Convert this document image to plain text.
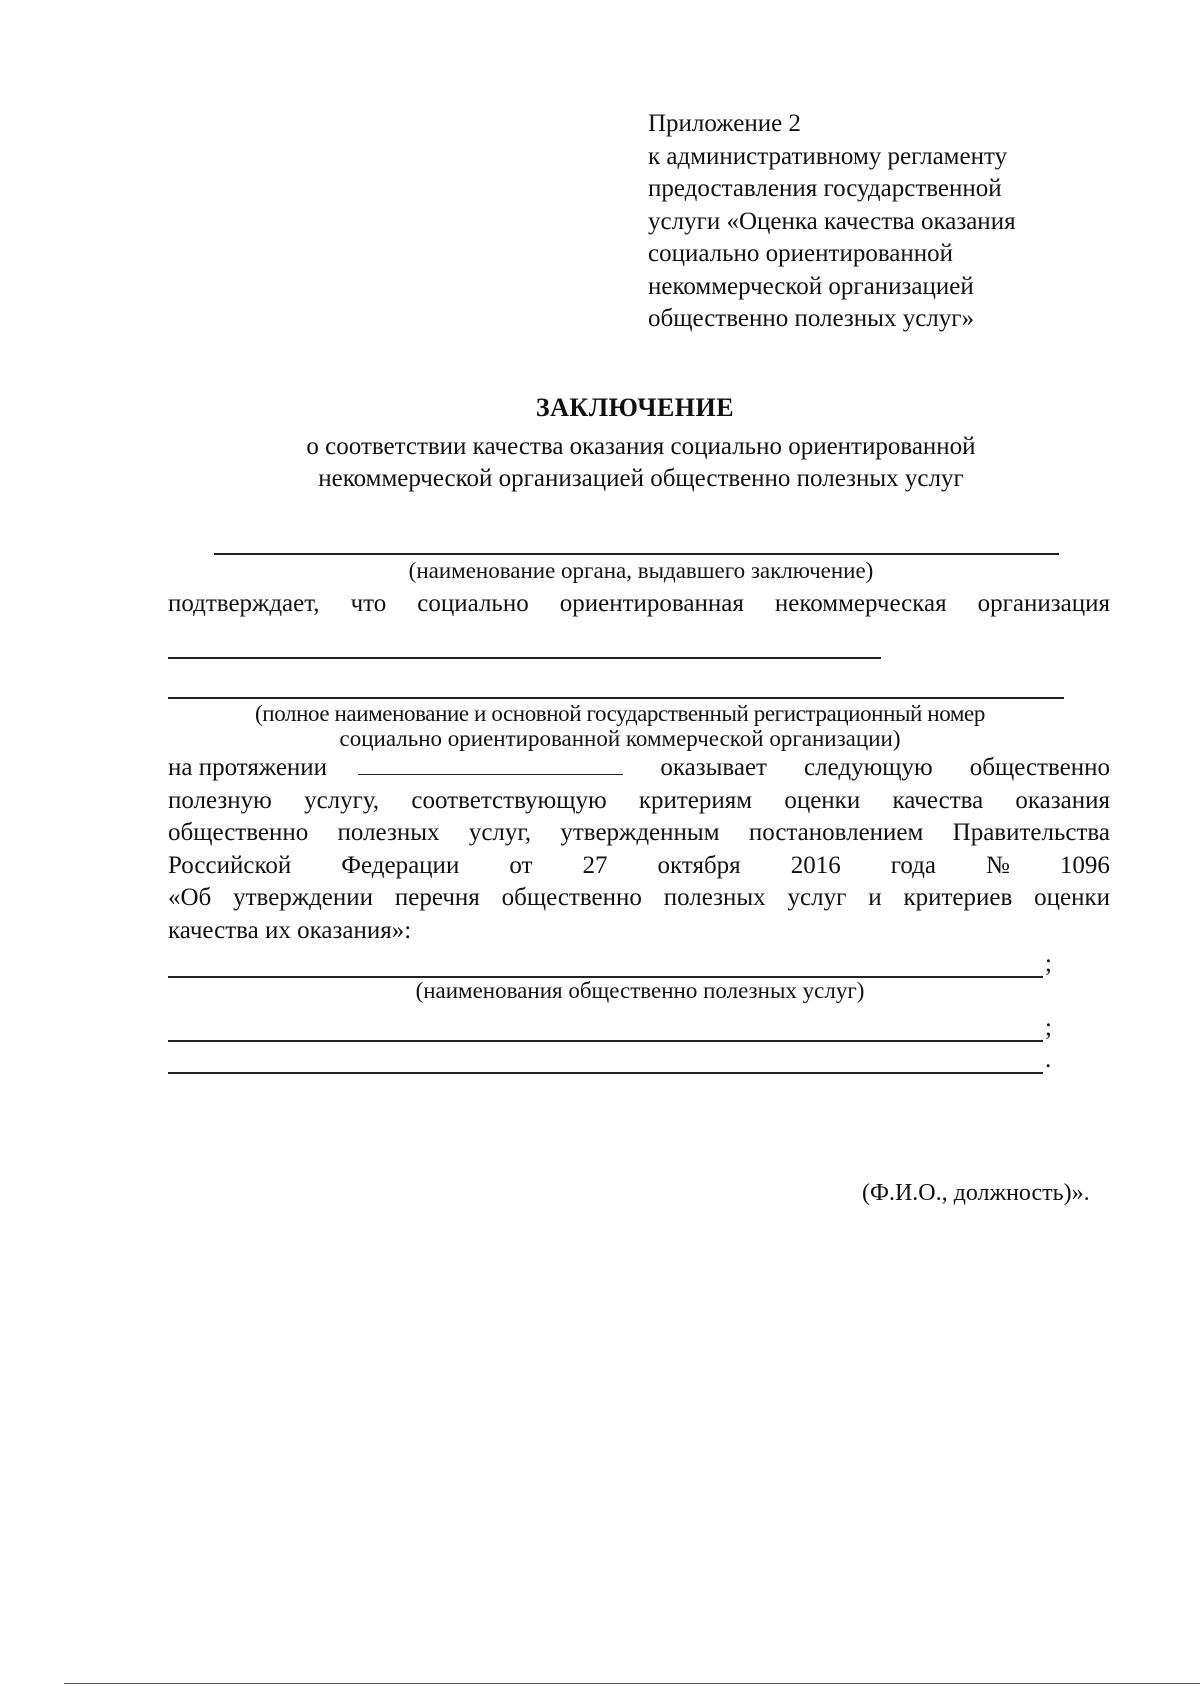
Приложение 2
к административному регламенту
предоставления государственной
услуги «Оценка качества оказания
социально ориентированной
некоммерческой организацией
общественно полезных услуг»
ЗАКЛЮЧЕНИЕ
о соответствии качества оказания социально ориентированной
некоммерческой организацией общественно полезных услуг
(наименование органа, выдавшего заключение)
подтверждает, что социально ориентированная некоммерческая организация
(полное наименование и основной государственный регистрационный номер
социально ориентированной коммерческой организации)
на протяжении	оказывает следующую общественно
полезную услугу, соответствующую критериям оценки качества оказания
общественно полезных услуг, утвержденным постановлением Правительства
Российской Федерации от 27 октября 2016 года № 1096
«Об утверждении перечня общественно полезных услуг и критериев оценки
качества их оказания»:
;
(наименования общественно полезных услуг)
;
.
(Ф.И.О., должность)».
